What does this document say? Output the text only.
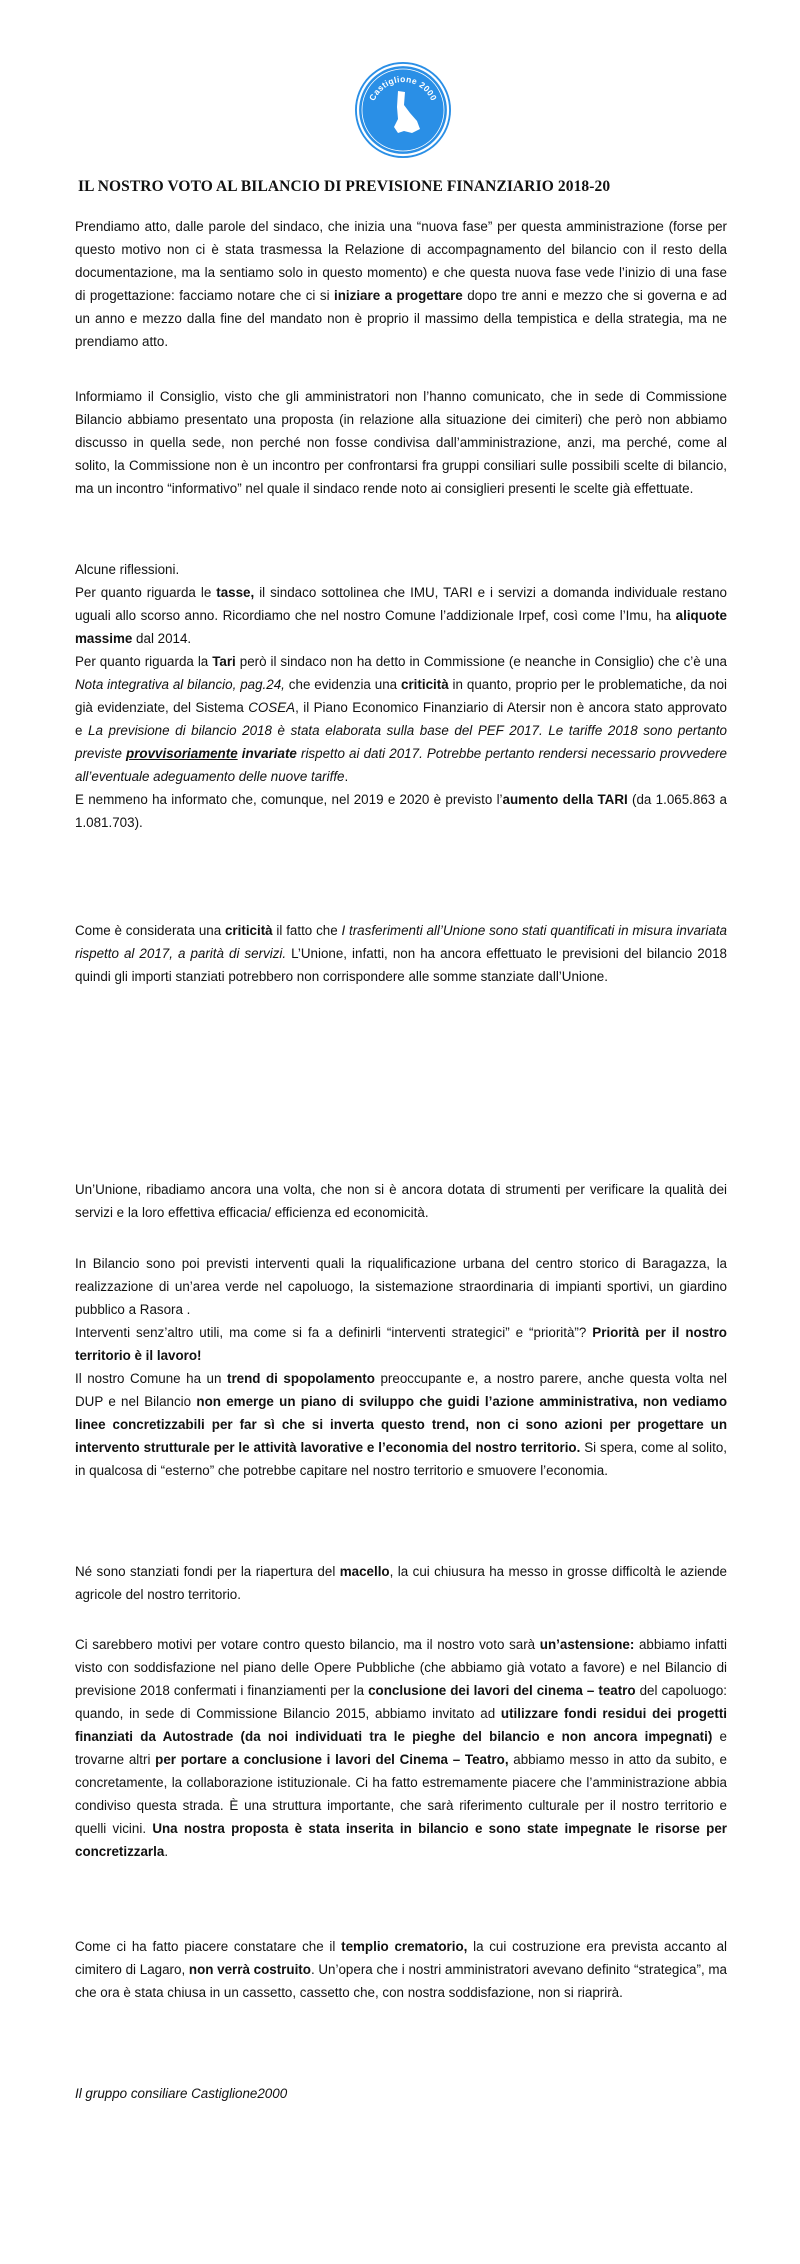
Castiglione 2000
IL NOSTRO VOTO AL BILANCIO DI PREVISIONE FINANZIARIO 2018-20

Prendiamo atto, dalle parole del sindaco, che inizia una “nuova fase” per questa amministrazione (forse per questo motivo non ci è stata trasmessa la Relazione di accompagnamento del bilancio con il resto della documentazione, ma la sentiamo solo in questo momento) e che questa nuova fase vede l’inizio di una fase di progettazione: facciamo notare che ci si iniziare a progettare dopo tre anni e mezzo che si governa e ad un anno e mezzo dalla fine del mandato non è proprio il massimo della tempistica e della strategia, ma ne prendiamo atto.

Informiamo il Consiglio, visto che gli amministratori non l’hanno comunicato, che in sede di Commissione Bilancio abbiamo presentato una proposta (in relazione alla situazione dei cimiteri) che però non abbiamo discusso in quella sede, non perché non fosse condivisa dall’amministrazione, anzi, ma perché, come al solito, la Commissione non è un incontro per confrontarsi fra gruppi consiliari sulle possibili scelte di bilancio, ma un incontro “informativo” nel quale il sindaco rende noto ai consiglieri presenti le scelte già effettuate.

Alcune riflessioni.

Per quanto riguarda le tasse, il sindaco sottolinea che IMU, TARI e i servizi a domanda individuale restano uguali allo scorso anno. Ricordiamo che nel nostro Comune l’addizionale Irpef, così come l’Imu, ha aliquote massime dal 2014.

Per quanto riguarda la Tari però il sindaco non ha detto in Commissione (e neanche in Consiglio) che c’è una Nota integrativa al bilancio, pag.24, che evidenzia una criticità in quanto, proprio per le problematiche, da noi già evidenziate, del Sistema COSEA, il Piano Economico Finanziario di Atersir non è ancora stato approvato e La previsione di bilancio 2018 è stata elaborata sulla base del PEF 2017. Le tariffe 2018 sono pertanto previste provvisoriamente invariate rispetto ai dati 2017. Potrebbe pertanto rendersi necessario provvedere all’eventuale adeguamento delle nuove tariffe.

E nemmeno ha informato che, comunque, nel 2019 e 2020 è previsto l’aumento della TARI (da 1.065.863 a 1.081.703).

Come è considerata una criticità il fatto che I trasferimenti all’Unione sono stati quantificati in misura invariata rispetto al 2017, a parità di servizi. L’Unione, infatti, non ha ancora effettuato le previsioni del bilancio 2018 quindi gli importi stanziati potrebbero non corrispondere alle somme stanziate dall’Unione.

Un’Unione, ribadiamo ancora una volta, che non si è ancora dotata di strumenti per verificare la qualità dei servizi e la loro effettiva efficacia/ efficienza ed economicità.

In Bilancio sono poi previsti interventi quali la riqualificazione urbana del centro storico di Baragazza, la realizzazione di un’area verde nel capoluogo, la sistemazione straordinaria di impianti sportivi, un giardino pubblico a Rasora .

Interventi senz’altro utili, ma come si fa a definirli “interventi strategici” e “priorità”? Priorità per il nostro territorio è il lavoro!

Il nostro Comune ha un trend di spopolamento preoccupante e, a nostro parere, anche questa volta nel DUP e nel Bilancio non emerge un piano di sviluppo che guidi l’azione amministrativa, non vediamo linee concretizzabili per far sì che si inverta questo trend, non ci sono azioni per progettare un intervento strutturale per le attività lavorative e l’economia del nostro territorio. Si spera, come al solito, in qualcosa di “esterno” che potrebbe capitare nel nostro territorio e smuovere l’economia.

Né sono stanziati fondi per la riapertura del macello, la cui chiusura ha messo in grosse difficoltà le aziende agricole del nostro territorio.

Ci sarebbero motivi per votare contro questo bilancio, ma il nostro voto sarà un’astensione: abbiamo infatti visto con soddisfazione nel piano delle Opere Pubbliche (che abbiamo già votato a favore) e nel Bilancio di previsione 2018 confermati i finanziamenti per la conclusione dei lavori del cinema – teatro del capoluogo: quando, in sede di Commissione Bilancio 2015, abbiamo invitato ad utilizzare fondi residui dei progetti finanziati da Autostrade (da noi individuati tra le pieghe del bilancio e non ancora impegnati) e trovarne altri per portare a conclusione i lavori del Cinema – Teatro, abbiamo messo in atto da subito, e concretamente, la collaborazione istituzionale. Ci ha fatto estremamente piacere che l’amministrazione abbia condiviso questa strada. È una struttura importante, che sarà riferimento culturale per il nostro territorio e quelli vicini. Una nostra proposta è stata inserita in bilancio e sono state impegnate le risorse per concretizzarla.

Come ci ha fatto piacere constatare che il templio crematorio, la cui costruzione era prevista accanto al cimitero di Lagaro, non verrà costruito. Un’opera che i nostri amministratori avevano definito “strategica”, ma che ora è stata chiusa in un cassetto, cassetto che, con nostra soddisfazione, non si riaprirà.

Il gruppo consiliare Castiglione2000
